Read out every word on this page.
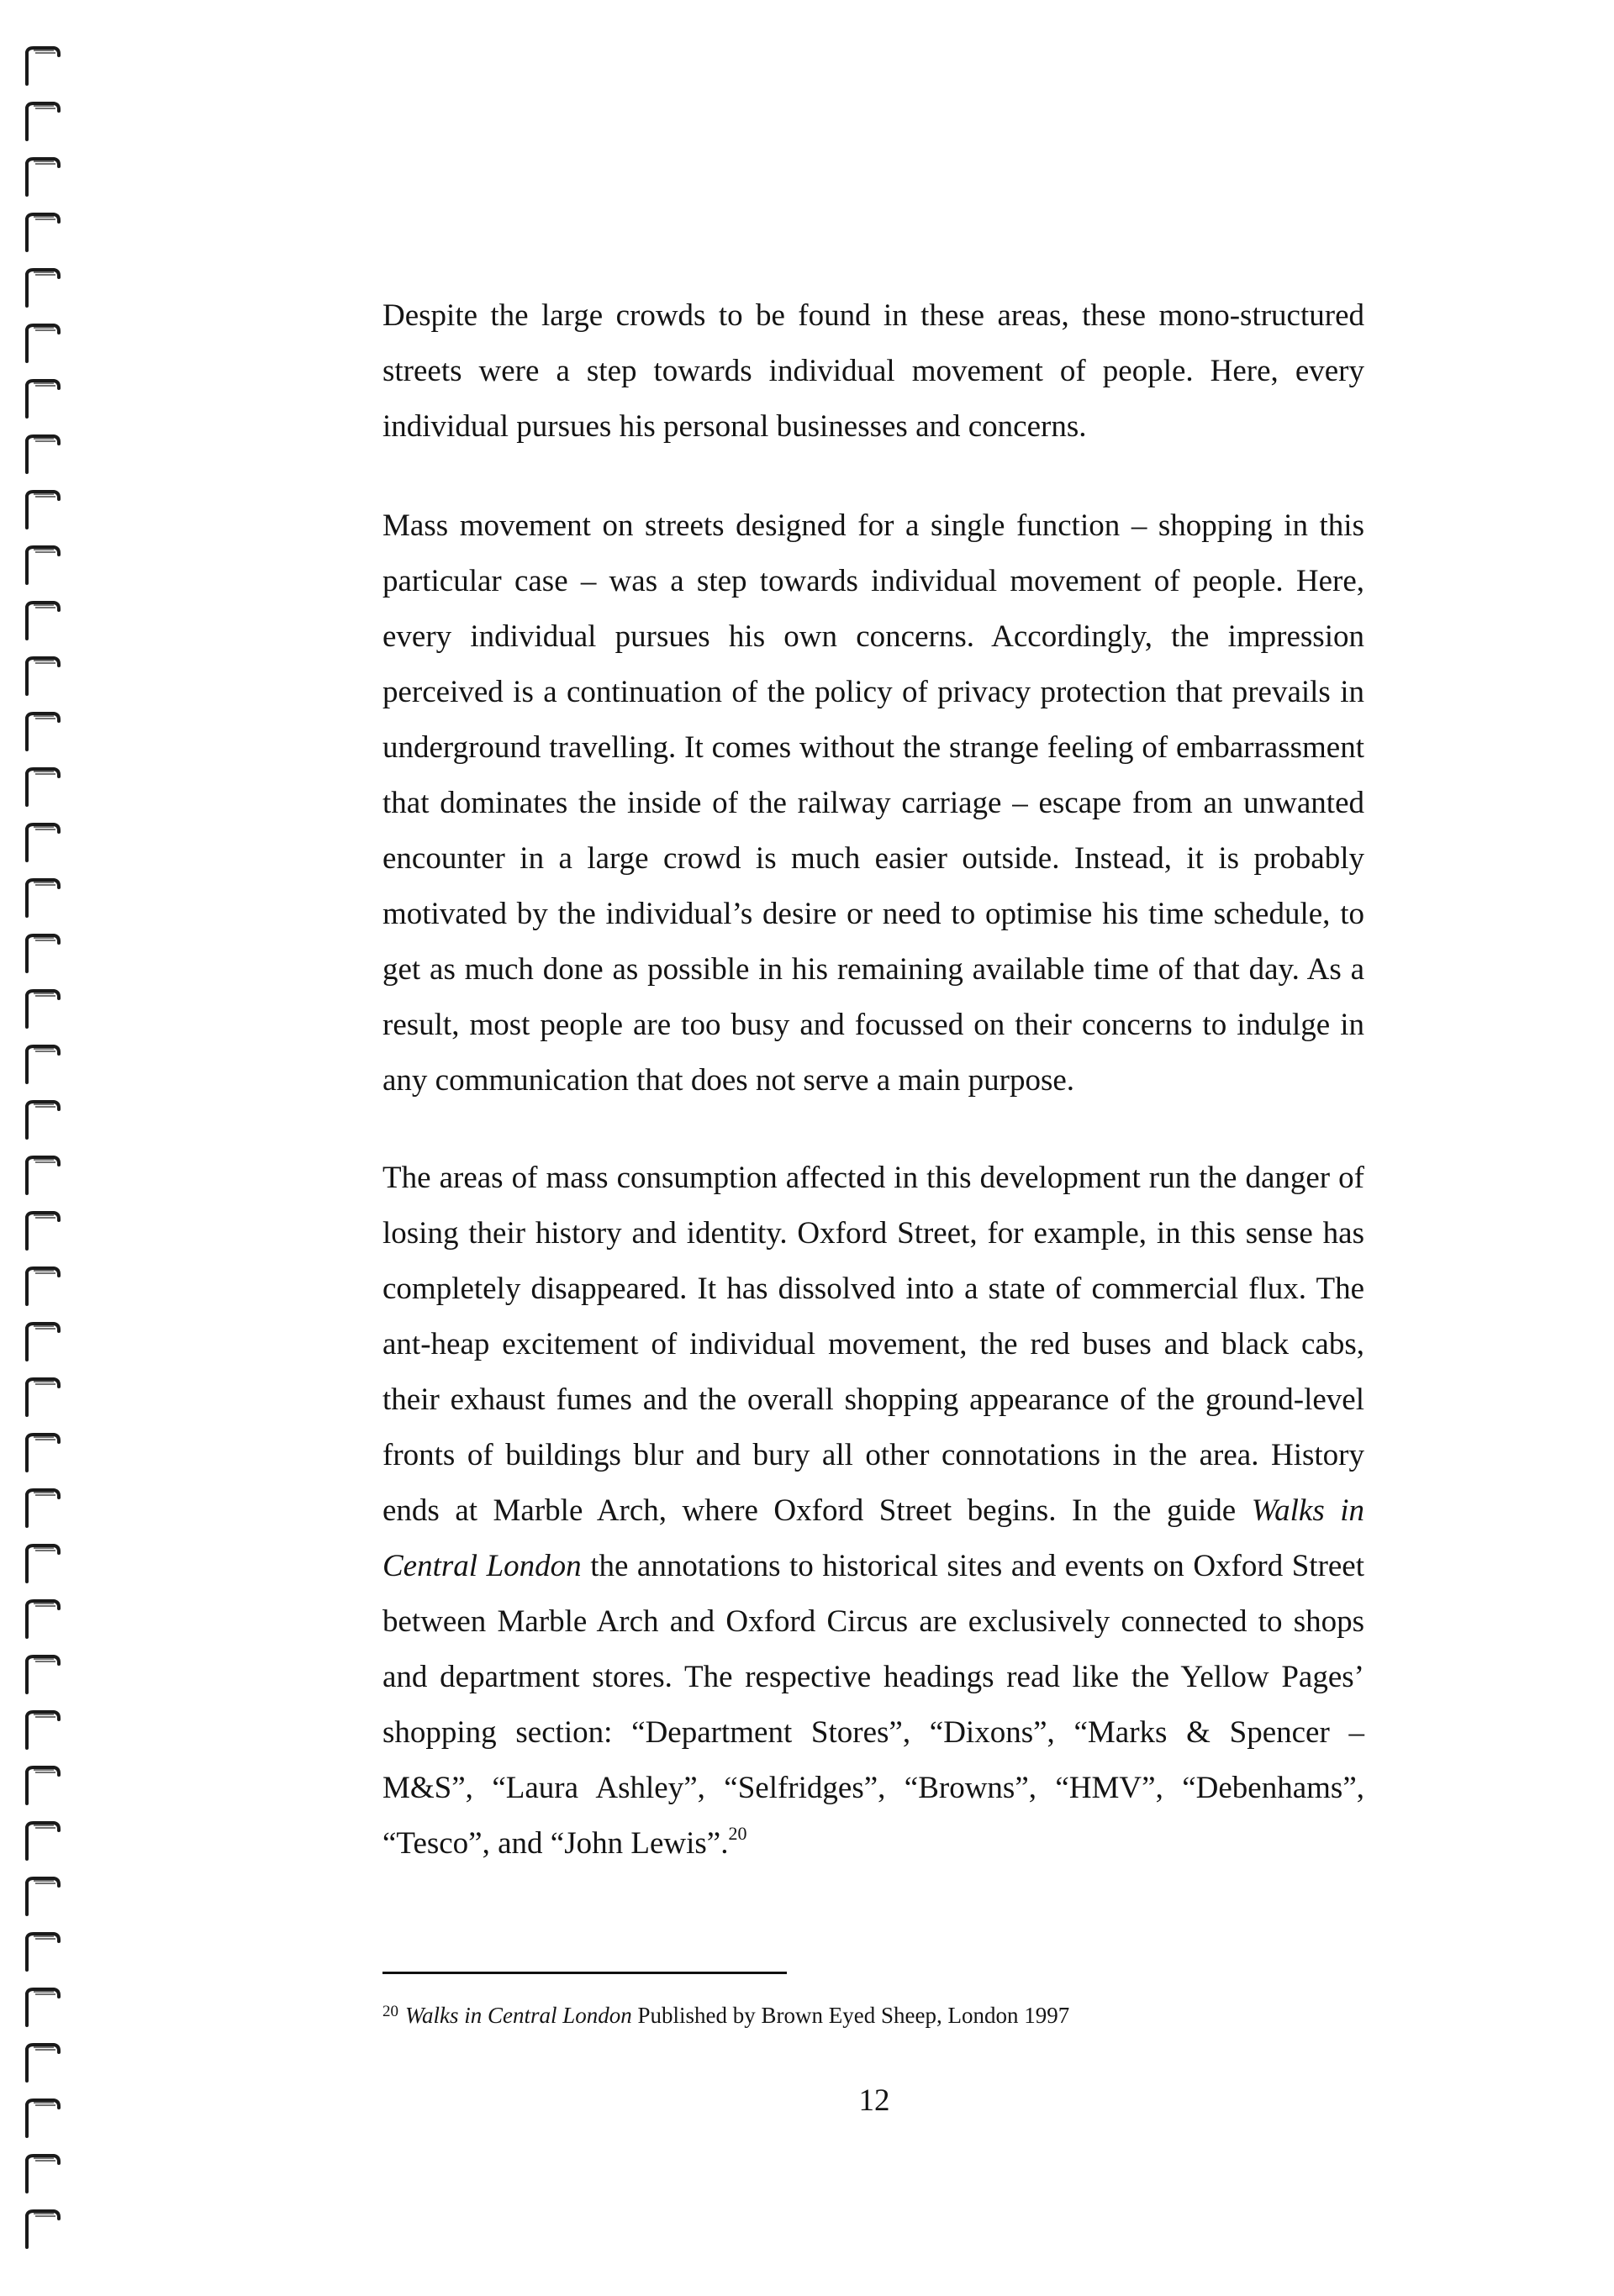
Despite the large crowds to be found in these areas, these mono-structured streets were a step towards individual movement of people. Here, every individual pursues his personal businesses and concerns.

Mass movement on streets designed for a single function – shopping in this particular case – was a step towards individual movement of people. Here, every individual pursues his own concerns. Accordingly, the impression perceived is a continuation of the policy of privacy protection that prevails in underground travelling. It comes without the strange feeling of embarrassment that dominates the inside of the railway carriage – escape from an unwanted encounter in a large crowd is much easier outside. Instead, it is probably motivated by the individual’s desire or need to optimise his time schedule, to get as much done as possible in his remaining available time of that day. As a result, most people are too busy and focussed on their concerns to indulge in any communication that does not serve a main purpose.

The areas of mass consumption affected in this development run the danger of losing their history and identity. Oxford Street, for example, in this sense has completely disappeared. It has dissolved into a state of commercial flux. The ant-heap excitement of individual movement, the red buses and black cabs, their exhaust fumes and the overall shopping appearance of the ground-level fronts of buildings blur and bury all other connotations in the area. History ends at Marble Arch, where Oxford Street begins. In the guide Walks in Central London the annotations to historical sites and events on Oxford Street between Marble Arch and Oxford Circus are exclusively connected to shops and department stores. The respective headings read like the Yellow Pages’ shopping section: “Department Stores”, “Dixons”, “Marks & Spencer – M&S”, “Laura Ashley”, “Selfridges”, “Browns”, “HMV”, “Debenhams”, “Tesco”, and “John Lewis”.$^{20}$

$^{20}$ Walks in Central London Published by Brown Eyed Sheep, London 1997
12
